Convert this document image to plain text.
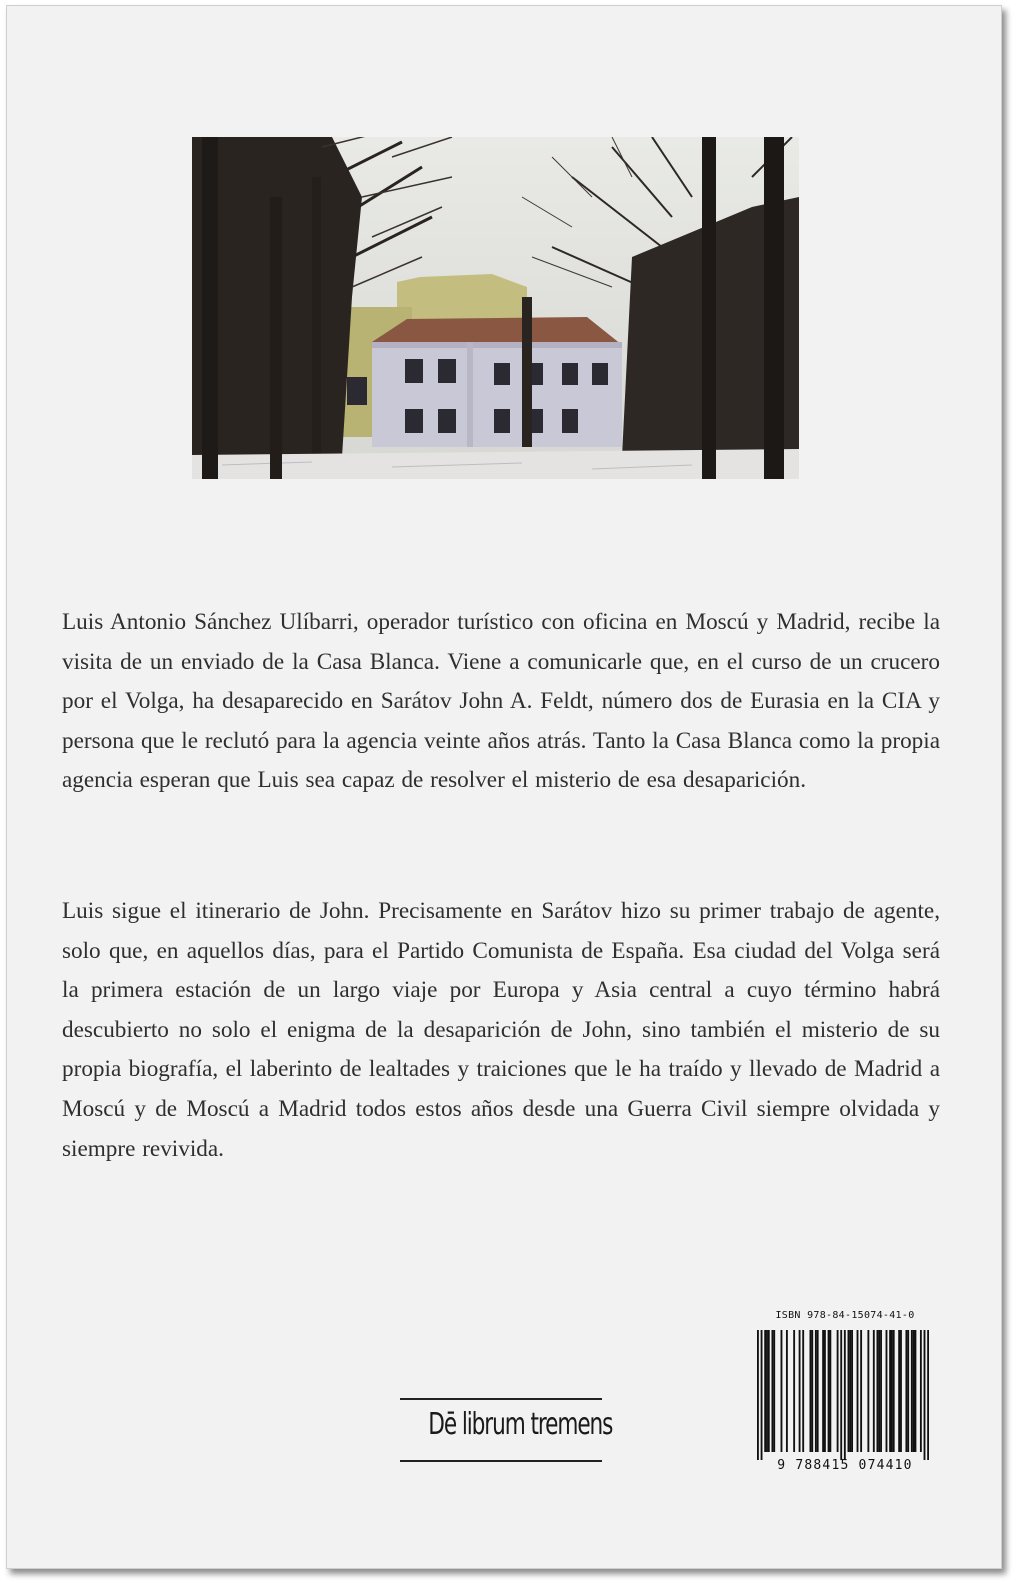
Luis Antonio Sánchez Ulíbarri, operador turístico con oficina en Moscú y Madrid, recibe la visita de un enviado de la Casa Blanca. Viene a comunicarle que, en el curso de un crucero por el Volga, ha desaparecido en Sarátov John A. Feldt, número dos de Eurasia en la CIA y persona que le reclutó para la agencia veinte años atrás. Tanto la Casa Blanca como la propia agencia esperan que Luis sea capaz de resolver el misterio de esa desaparición.

Luis sigue el itinerario de John. Precisamente en Sarátov hizo su primer trabajo de agente, solo que, en aquellos días, para el Partido Comunista de España. Esa ciudad del Volga será la primera estación de un largo viaje por Europa y Asia central a cuyo término habrá descubierto no solo el enigma de la desaparición de John, sino también el misterio de su propia biografía, el laberinto de lealtades y traiciones que le ha traído y llevado de Madrid a Moscú y de Moscú a Madrid todos estos años desde una Guerra Civil siempre olvidada y siempre revivida.

Dē librum tremens
ISBN 978-84-15074-41-0
9 788415 074410
